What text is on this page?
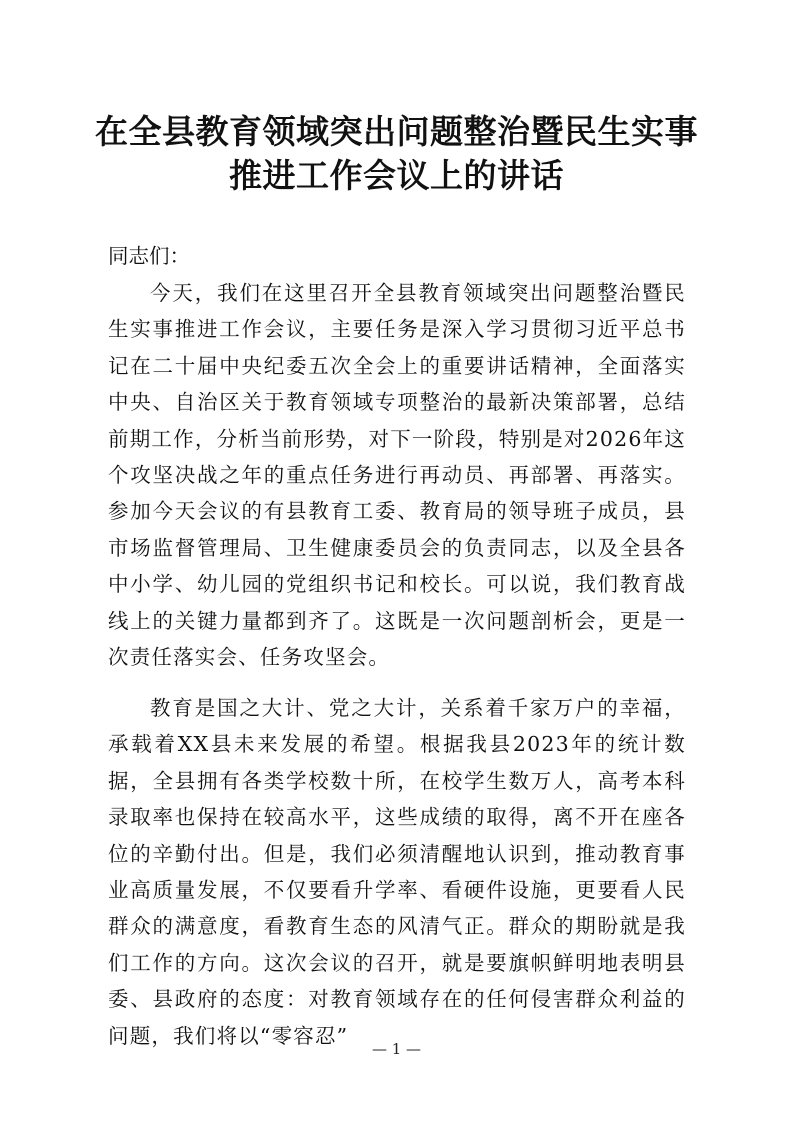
在全县教育领域突出问题整治暨民生实事
推进工作会议上的讲话

同志们：

今天，我们在这里召开全县教育领域突出问题整治暨民生实事推进工作会议，主要任务是深入学习贯彻习近平总书记在二十届中央纪委五次全会上的重要讲话精神，全面落实中央、自治区关于教育领域专项整治的最新决策部署，总结前期工作，分析当前形势，对下一阶段，特别是对2026年这个攻坚决战之年的重点任务进行再动员、再部署、再落实。参加今天会议的有县教育工委、教育局的领导班子成员，县市场监督管理局、卫生健康委员会的负责同志，以及全县各中小学、幼儿园的党组织书记和校长。可以说，我们教育战线上的关键力量都到齐了。这既是一次问题剖析会，更是一次责任落实会、任务攻坚会。

教育是国之大计、党之大计，关系着千家万户的幸福，承载着XX县未来发展的希望。根据我县2023年的统计数据，全县拥有各类学校数十所，在校学生数万人，高考本科录取率也保持在较高水平，这些成绩的取得，离不开在座各位的辛勤付出。但是，我们必须清醒地认识到，推动教育事业高质量发展，不仅要看升学率、看硬件设施，更要看人民群众的满意度，看教育生态的风清气正。群众的期盼就是我们工作的方向。这次会议的召开，就是要旗帜鲜明地表明县委、县政府的态度：对教育领域存在的任何侵害群众利益的问题，我们将以“零容忍”

— 1 —
